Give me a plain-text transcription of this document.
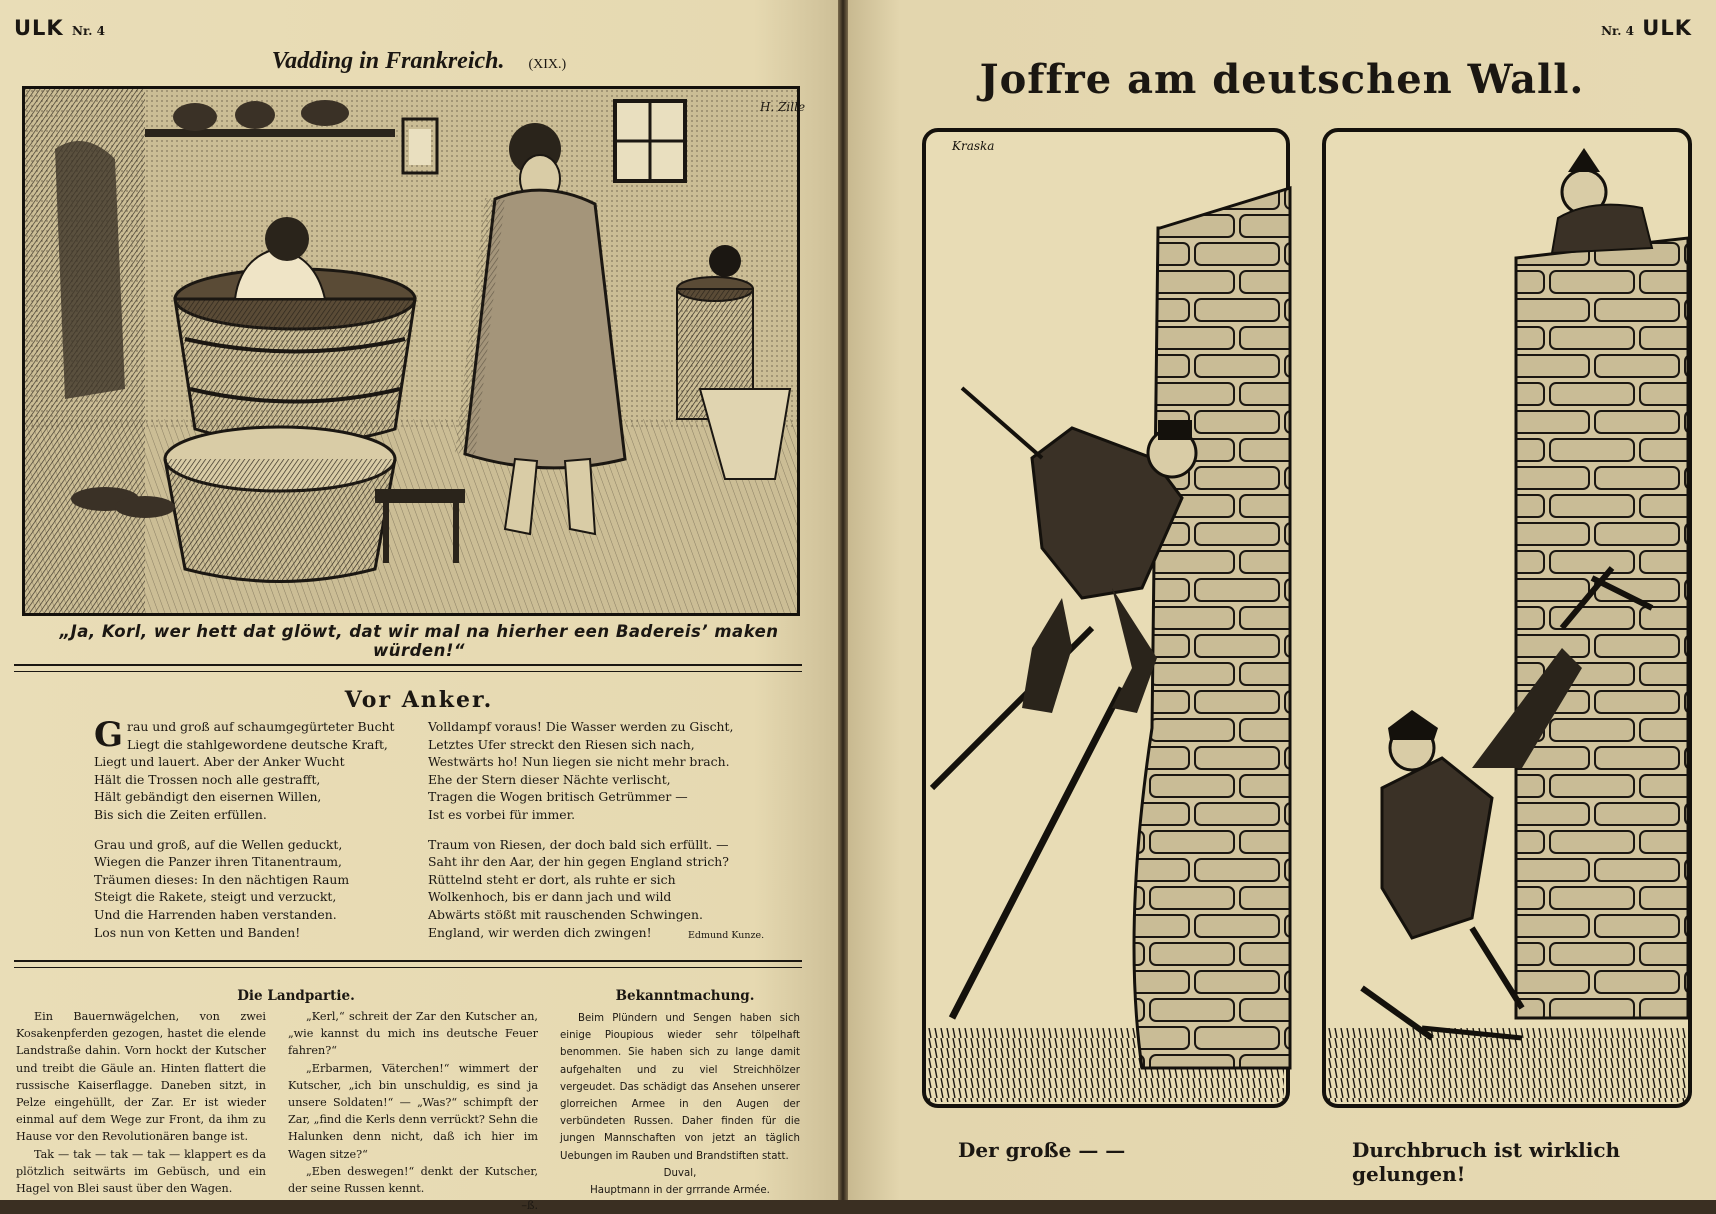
ULK Nr. 4
Vadding in Frankreich. (XIX.)
H. Zille
„Ja, Korl, wer hett dat glöwt, dat wir mal na hierher een Badereis’ maken würden!“
Vor Anker.
G rau und groß auf schaumgegürteter Bucht
Liegt die stahlgewordene deutsche Kraft,
Liegt und lauert. Aber der Anker Wucht
Hält die Trossen noch alle gestrafft,
Hält gebändigt den eisernen Willen,
Bis sich die Zeiten erfüllen.
Grau und groß, auf die Wellen geduckt,
Wiegen die Panzer ihren Titanentraum,
Träumen dieses: In den nächtigen Raum
Steigt die Rakete, steigt und verzuckt,
Und die Harrenden haben verstanden.
Los nun von Ketten und Banden!
Volldampf voraus! Die Wasser werden zu Gischt,
Letztes Ufer streckt den Riesen sich nach,
Westwärts ho! Nun liegen sie nicht mehr brach.
Ehe der Stern dieser Nächte verlischt,
Tragen die Wogen britisch Getrümmer —
Ist es vorbei für immer.
Traum von Riesen, der doch bald sich erfüllt. —
Saht ihr den Aar, der hin gegen England strich?
Rüttelnd steht er dort, als ruhte er sich
Wolkenhoch, bis er dann jach und wild
Abwärts stößt mit rauschenden Schwingen.
England, wir werden dich zwingen!	Edmund Kunze.
Die Landpartie.

Ein Bauernwägelchen, von zwei Kosakenpferden gezogen, hastet die elende Landstraße dahin. Vorn hockt der Kutscher und treibt die Gäule an. Hinten flattert die russische Kaiserflagge. Daneben sitzt, in Pelze eingehüllt, der Zar. Er ist wieder einmal auf dem Wege zur Front, da ihm zu Hause vor den Revolutionären bange ist.

Tak — tak — tak — tak — klappert es da plötzlich seitwärts im Gebüsch, und ein Hagel von Blei saust über den Wagen.

„Kerl,“ schreit der Zar den Kutscher an, „wie kannst du mich ins deutsche Feuer fahren?“

„Erbarmen, Väterchen!“ wimmert der Kutscher, „ich bin unschuldig, es sind ja unsere Soldaten!“ — „Was?“ schimpft der Zar, „find die Kerls denn verrückt? Sehn die Halunken denn nicht, daß ich hier im Wagen sitze?“

„Eben deswegen!“ denkt der Kutscher, der seine Russen kennt.

–ß.

Bekanntmachung.

Beim Plündern und Sengen haben sich einige Pioupious wieder sehr tölpelhaft benommen. Sie haben sich zu lange damit aufgehalten und zu viel Streichhölzer vergeudet. Das schädigt das Ansehen unserer glorreichen Armee in den Augen der verbündeten Russen. Daher finden für die jungen Mannschaften von jetzt an täglich Uebungen im Rauben und Brandstiften statt.

Duval,

Hauptmann in der grrrande Armée.

Nr. 4 ULK
Joffre am deutschen Wall.
Kraska
Der große — —	Durchbruch ist wirklich gelungen!
